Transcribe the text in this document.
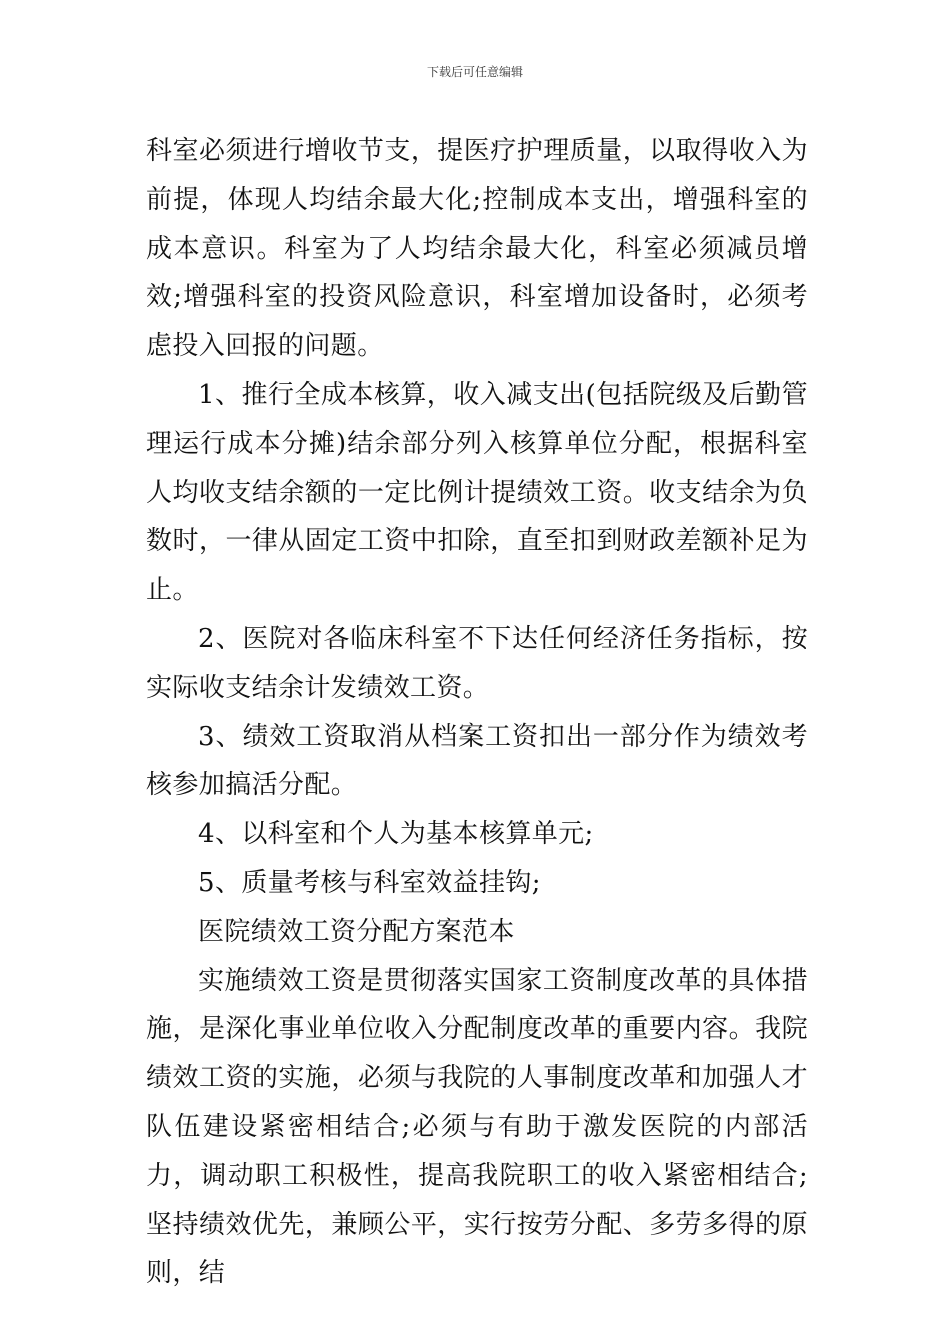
下载后可任意编辑

科室必须进行增收节支，提医疗护理质量，以取得收入为前提，体现人均结余最大化;控制成本支出，增强科室的成本意识。科室为了人均结余最大化，科室必须减员增效;增强科室的投资风险意识，科室增加设备时，必须考虑投入回报的问题。

1、推行全成本核算，收入减支出(包括院级及后勤管理运行成本分摊)结余部分列入核算单位分配，根据科室人均收支结余额的一定比例计提绩效工资。收支结余为负数时，一律从固定工资中扣除，直至扣到财政差额补足为止。

2、医院对各临床科室不下达任何经济任务指标，按实际收支结余计发绩效工资。

3、绩效工资取消从档案工资扣出一部分作为绩效考核参加搞活分配。

4、以科室和个人为基本核算单元;

5、质量考核与科室效益挂钩;

医院绩效工资分配方案范本

实施绩效工资是贯彻落实国家工资制度改革的具体措施，是深化事业单位收入分配制度改革的重要内容。我院绩效工资的实施，必须与我院的人事制度改革和加强人才队伍建设紧密相结合;必须与有助于激发医院的内部活力，调动职工积极性，提高我院职工的收入紧密相结合;坚持绩效优先，兼顾公平，实行按劳分配、多劳多得的原则，结
